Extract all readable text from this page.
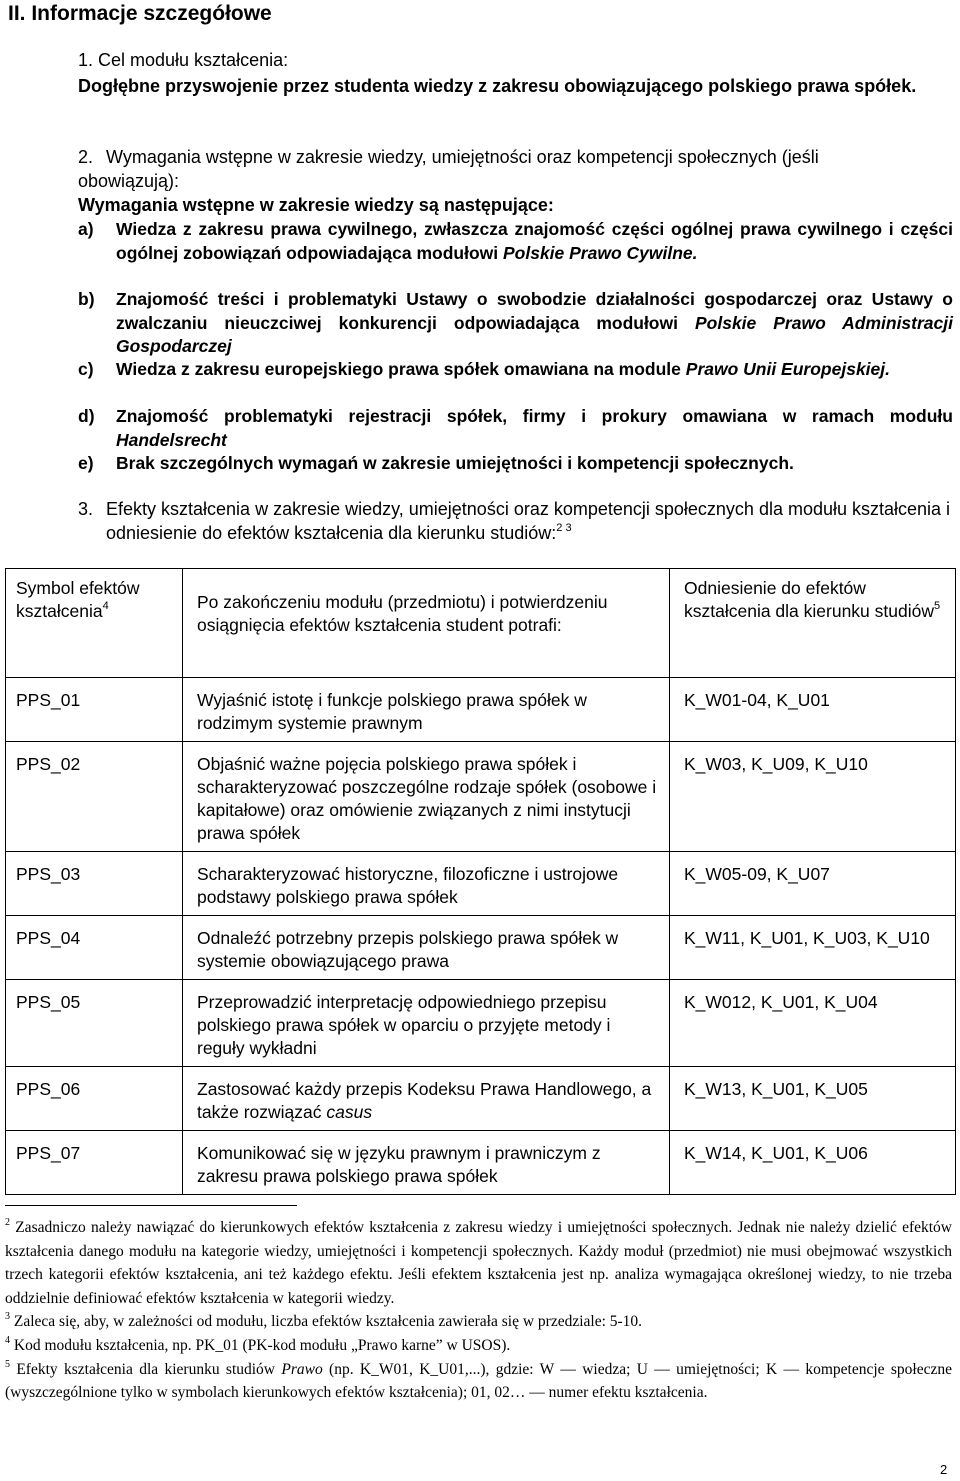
II. Informacje szczegółowe
1. Cel modułu kształcenia:
Dogłębne przyswojenie przez studenta wiedzy z zakresu obowiązującego polskiego prawa spółek.
2. Wymagania wstępne w zakresie wiedzy, umiejętności oraz kompetencji społecznych (jeśli
obowiązują):
Wymagania wstępne w zakresie wiedzy są następujące:
a) Wiedza z zakresu prawa cywilnego, zwłaszcza znajomość części ogólnej prawa cywilnego i części ogólnej zobowiązań odpowiadająca modułowi Polskie Prawo Cywilne.
b) Znajomość treści i problematyki Ustawy o swobodzie działalności gospodarczej oraz Ustawy o zwalczaniu nieuczciwej konkurencji odpowiadająca modułowi Polskie Prawo Administracji Gospodarczej
c) Wiedza z zakresu europejskiego prawa spółek omawiana na module Prawo Unii Europejskiej.
d) Znajomość problematyki rejestracji spółek, firmy i prokury omawiana w ramach modułu Handelsrecht
e) Brak szczególnych wymagań w zakresie umiejętności i kompetencji społecznych.
3. Efekty kształcenia w zakresie wiedzy, umiejętności oraz kompetencji społecznych dla modułu kształcenia i odniesienie do efektów kształcenia dla kierunku studiów:$^{2 3}$
Symbol efektów kształcenia$^4$	Po zakończeniu modułu (przedmiotu) i potwierdzeniu osiągnięcia efektów kształcenia student potrafi:	Odniesienie do efektów kształcenia dla kierunku studiów$^5$
PPS_01	Wyjaśnić istotę i funkcje polskiego prawa spółek w rodzimym systemie prawnym	K_W01-04, K_U01
PPS_02	Objaśnić ważne pojęcia polskiego prawa spółek i scharakteryzować poszczególne rodzaje spółek (osobowe i kapitałowe) oraz omówienie związanych z nimi instytucji prawa spółek	K_W03, K_U09, K_U10
PPS_03	Scharakteryzować historyczne, filozoficzne i ustrojowe podstawy polskiego prawa spółek	K_W05-09, K_U07
PPS_04	Odnaleźć potrzebny przepis polskiego prawa spółek w systemie obowiązującego prawa	K_W11, K_U01, K_U03, K_U10
PPS_05	Przeprowadzić interpretację odpowiedniego przepisu polskiego prawa spółek w oparciu o przyjęte metody i reguły wykładni	K_W012, K_U01, K_U04
PPS_06	Zastosować każdy przepis Kodeksu Prawa Handlowego, a także rozwiązać casus	K_W13, K_U01, K_U05
PPS_07	Komunikować się w języku prawnym i prawniczym z zakresu prawa polskiego prawa spółek	K_W14, K_U01, K_U06

$^2$ Zasadniczo należy nawiązać do kierunkowych efektów kształcenia z zakresu wiedzy i umiejętności społecznych. Jednak nie należy dzielić efektów kształcenia danego modułu na kategorie wiedzy, umiejętności i kompetencji społecznych. Każdy moduł (przedmiot) nie musi obejmować wszystkich trzech kategorii efektów kształcenia, ani też każdego efektu. Jeśli efektem kształcenia jest np. analiza wymagająca określonej wiedzy, to nie trzeba oddzielnie definiować efektów kształcenia w kategorii wiedzy.

$^3$ Zaleca się, aby, w zależności od modułu, liczba efektów kształcenia zawierała się w przedziale: 5-10.

$^4$ Kod modułu kształcenia, np. PK_01 (PK-kod modułu „Prawo karne” w USOS).

$^5$ Efekty kształcenia dla kierunku studiów Prawo (np. K_W01, K_U01,...), gdzie: W — wiedza; U — umiejętności; K — kompetencje społeczne (wyszczególnione tylko w symbolach kierunkowych efektów kształcenia); 01, 02… — numer efektu kształcenia.

2
